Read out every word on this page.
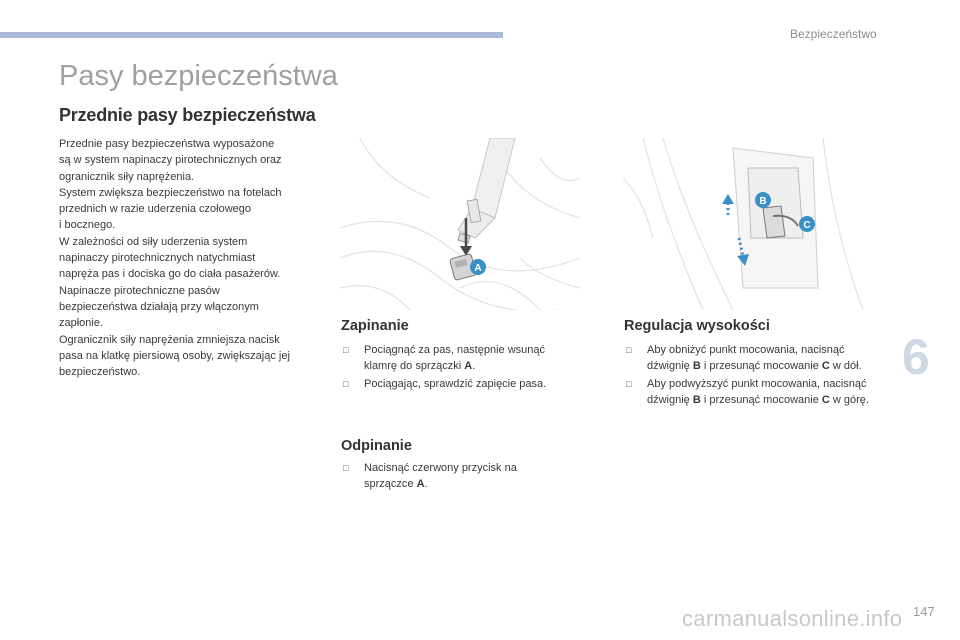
Bezpieczeństwo
Pasy bezpieczeństwa
Przednie pasy bezpieczeństwa
Przednie pasy bezpieczeństwa wyposażone
są w system napinaczy pirotechnicznych oraz
ogranicznik siły naprężenia.
System zwiększa bezpieczeństwo na fotelach
przednich w razie uderzenia czołowego
i bocznego.
W zależności od siły uderzenia system
napinaczy pirotechnicznych natychmiast
napręża pas i dociska go do ciała pasażerów.
Napinacze pirotechniczne pasów
bezpieczeństwa działają przy włączonym
zapłonie.
Ogranicznik siły naprężenia zmniejsza nacisk
pasa na klatkę piersiową osoby, zwiększając jej
bezpieczeństwo.
A
B
C
Zapinanie
□ Pociągnąć za pas, następnie wsunąć klamrę do sprzączki A.
□ Pociągając, sprawdzić zapięcie pasa.
Odpinanie
□ Nacisnąć czerwony przycisk na sprzączce A.
Regulacja wysokości
□ Aby obniżyć punkt mocowania, nacisnąć dźwignię B i przesunąć mocowanie C w dół.
□ Aby podwyższyć punkt mocowania, nacisnąć dźwignię B i przesunąć mocowanie C w górę.
6
carmanualsonline.info 147
